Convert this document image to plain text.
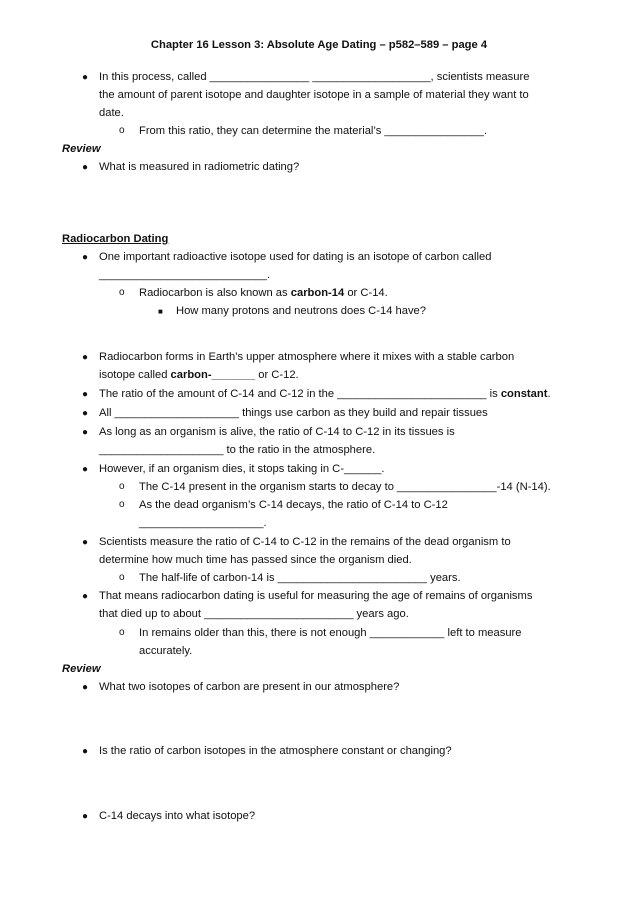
Chapter 16 Lesson 3: Absolute Age Dating – p582–589 – page 4
● In this process, called ________________ ___________________, scientists measure
the amount of parent isotope and daughter isotope in a sample of material they want to
date.
o From this ratio, they can determine the material’s ________________.
Review
● What is measured in radiometric dating?
Radiocarbon Dating
● One important radioactive isotope used for dating is an isotope of carbon called
___________________________.
o Radiocarbon is also known as carbon-14 or C-14.
■ How many protons and neutrons does C-14 have?
● Radiocarbon forms in Earth’s upper atmosphere where it mixes with a stable carbon
isotope called carbon-_______ or C-12.
● The ratio of the amount of C-14 and C-12 in the ________________________ is constant.
● All ____________________ things use carbon as they build and repair tissues
● As long as an organism is alive, the ratio of C-14 to C-12 in its tissues is
____________________ to the ratio in the atmosphere.
● However, if an organism dies, it stops taking in C-______.
o The C-14 present in the organism starts to decay to ________________-14 (N-14).
o As the dead organism’s C-14 decays, the ratio of C-14 to C-12
____________________.
● Scientists measure the ratio of C-14 to C-12 in the remains of the dead organism to
determine how much time has passed since the organism died.
o The half-life of carbon-14 is ________________________ years.
● That means radiocarbon dating is useful for measuring the age of remains of organisms
that died up to about ________________________ years ago.
o In remains older than this, there is not enough ____________ left to measure
accurately.
Review
● What two isotopes of carbon are present in our atmosphere?
● Is the ratio of carbon isotopes in the atmosphere constant or changing?
● C-14 decays into what isotope?
